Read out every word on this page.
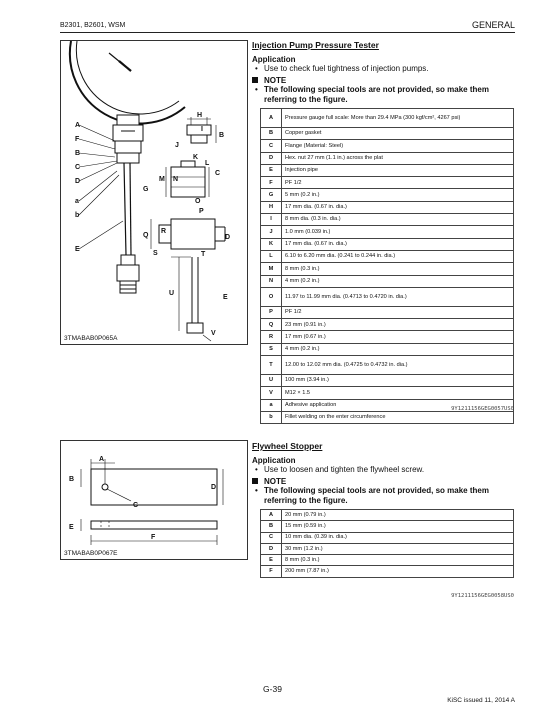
B2301, B2601, WSM	GENERAL
A
F
B
C
D
a
b
E
G
H
I
B
J
K
L
C
M N
O
P
Q
R
D
S	T
U
E
V
3TMABAB0P065A

Injection Pump Pressure Tester

Application

• Use to check fuel tightness of injection pumps.

NOTE

• The following special tools are not provided, so make them referring to the figure.

A	Pressure gauge full scale: More than 29.4 MPa (300 kgf/cm², 4267 psi)
B	Copper gasket
C	Flange (Material: Steel)
D	Hex. nut 27 mm (1.1 in.) across the plat
E	Injection pipe
F	PF 1/2
G	5 mm (0.2 in.)
H	17 mm dia. (0.67 in. dia.)
I	8 mm dia. (0.3 in. dia.)
J	1.0 mm (0.039 in.)
K	17 mm dia. (0.67 in. dia.)
L	6.10 to 6.20 mm dia. (0.241 to 0.244 in. dia.)
M	8 mm (0.3 in.)
N	4 mm (0.2 in.)
O	11.97 to 11.99 mm dia. (0.4713 to 0.4720 in. dia.)
P	PF 1/2
Q	23 mm (0.91 in.)
R	17 mm (0.67 in.)
S	4 mm (0.2 in.)
T	12.00 to 12.02 mm dia. (0.4725 to 0.4732 in. dia.)
U	100 mm (3.94 in.)
V	M12 × 1.5
a	Adhesive application
b	Fillet welding on the enter circumference
9Y1211156GEG0057US0
A
B
C
D
E
F
3TMABAB0P067E

Flywheel Stopper

Application

• Use to loosen and tighten the flywheel screw.

NOTE

• The following special tools are not provided, so make them referring to the figure.

A	20 mm (0.79 in.)
B	15 mm (0.59 in.)
C	10 mm dia. (0.39 in. dia.)
D	30 mm (1.2 in.)
E	8 mm (0.3 in.)
F	200 mm (7.87 in.)
9Y1211156GEG0058US0
G-39
KiSC issued 11, 2014 A
